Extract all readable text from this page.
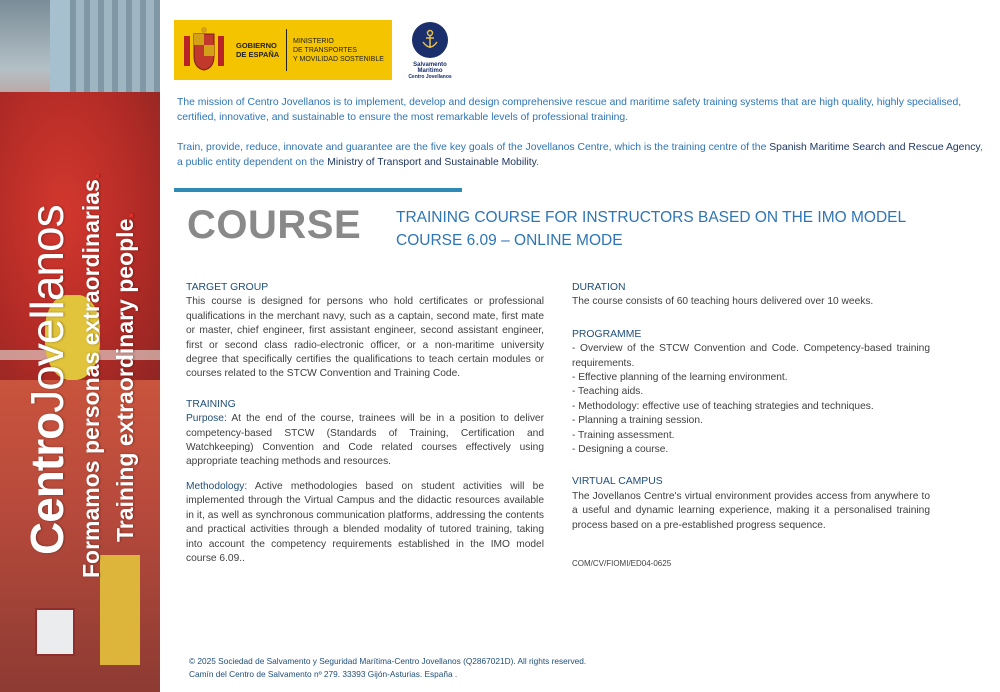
CentroJovellanos Formamos personas extraordinarias.
Training extraordinary people.
GOBIERNO
DE ESPAÑA
MINISTERIO
DE TRANSPORTES
Y MOVILIDAD SOSTENIBLE
Salvamento Marítimo
Centro Jovellanos

The mission of Centro Jovellanos is to implement, develop and design comprehensive rescue and maritime safety training systems that are high quality, highly specialised, certified, innovative, and sustainable to ensure the most remarkable levels of professional training.

Train, provide, reduce, innovate and guarantee are the five key goals of the Jovellanos Centre, which is the training centre of the Spanish Maritime Search and Rescue Agency, a public entity dependent on the Ministry of Transport and Sustainable Mobility.

COURSE TRAINING COURSE FOR INSTRUCTORS BASED ON THE IMO MODEL
COURSE 6.09 – ONLINE MODE
TARGET GROUP

This course is designed for persons who hold certificates or professional qualifications in the merchant navy, such as a captain, second mate, first mate or master, chief engineer, first assistant engineer, second assistant engineer, first or second class radio-electronic officer, or a non-maritime university degree that specifically certifies the qualifications to teach certain modules or courses related to the STCW Convention and Training Code.

TRAINING

Purpose: At the end of the course, trainees will be in a position to deliver competency-based STCW (Standards of Training, Certification and Watchkeeping) Convention and Code related courses effectively using appropriate teaching methods and resources.

Methodology: Active methodologies based on student activities will be implemented through the Virtual Campus and the didactic resources available in it, as well as synchronous communication platforms, addressing the contents and practical activities through a blended modality of tutored training, taking into account the competency requirements established in the IMO model course 6.09..

DURATION

The course consists of 60 teaching hours delivered over 10 weeks.

PROGRAMME
- Overview of the STCW Convention and Code. Competency-based training requirements.
- Effective planning of the learning environment.
- Teaching aids.
- Methodology: effective use of teaching strategies and techniques.
- Planning a training session.
- Training assessment.
- Designing a course.
VIRTUAL CAMPUS

The Jovellanos Centre's virtual environment provides access from anywhere to a useful and dynamic learning experience, making it a personalised training process based on a pre-established progress sequence.

COM/CV/FIOMI/ED04-0625
© 2025 Sociedad de Salvamento y Seguridad Marítima-Centro Jovellanos (Q2867021D). All rights reserved.
Camín del Centro de Salvamento nº 279. 33393 Gijón-Asturias. España .
